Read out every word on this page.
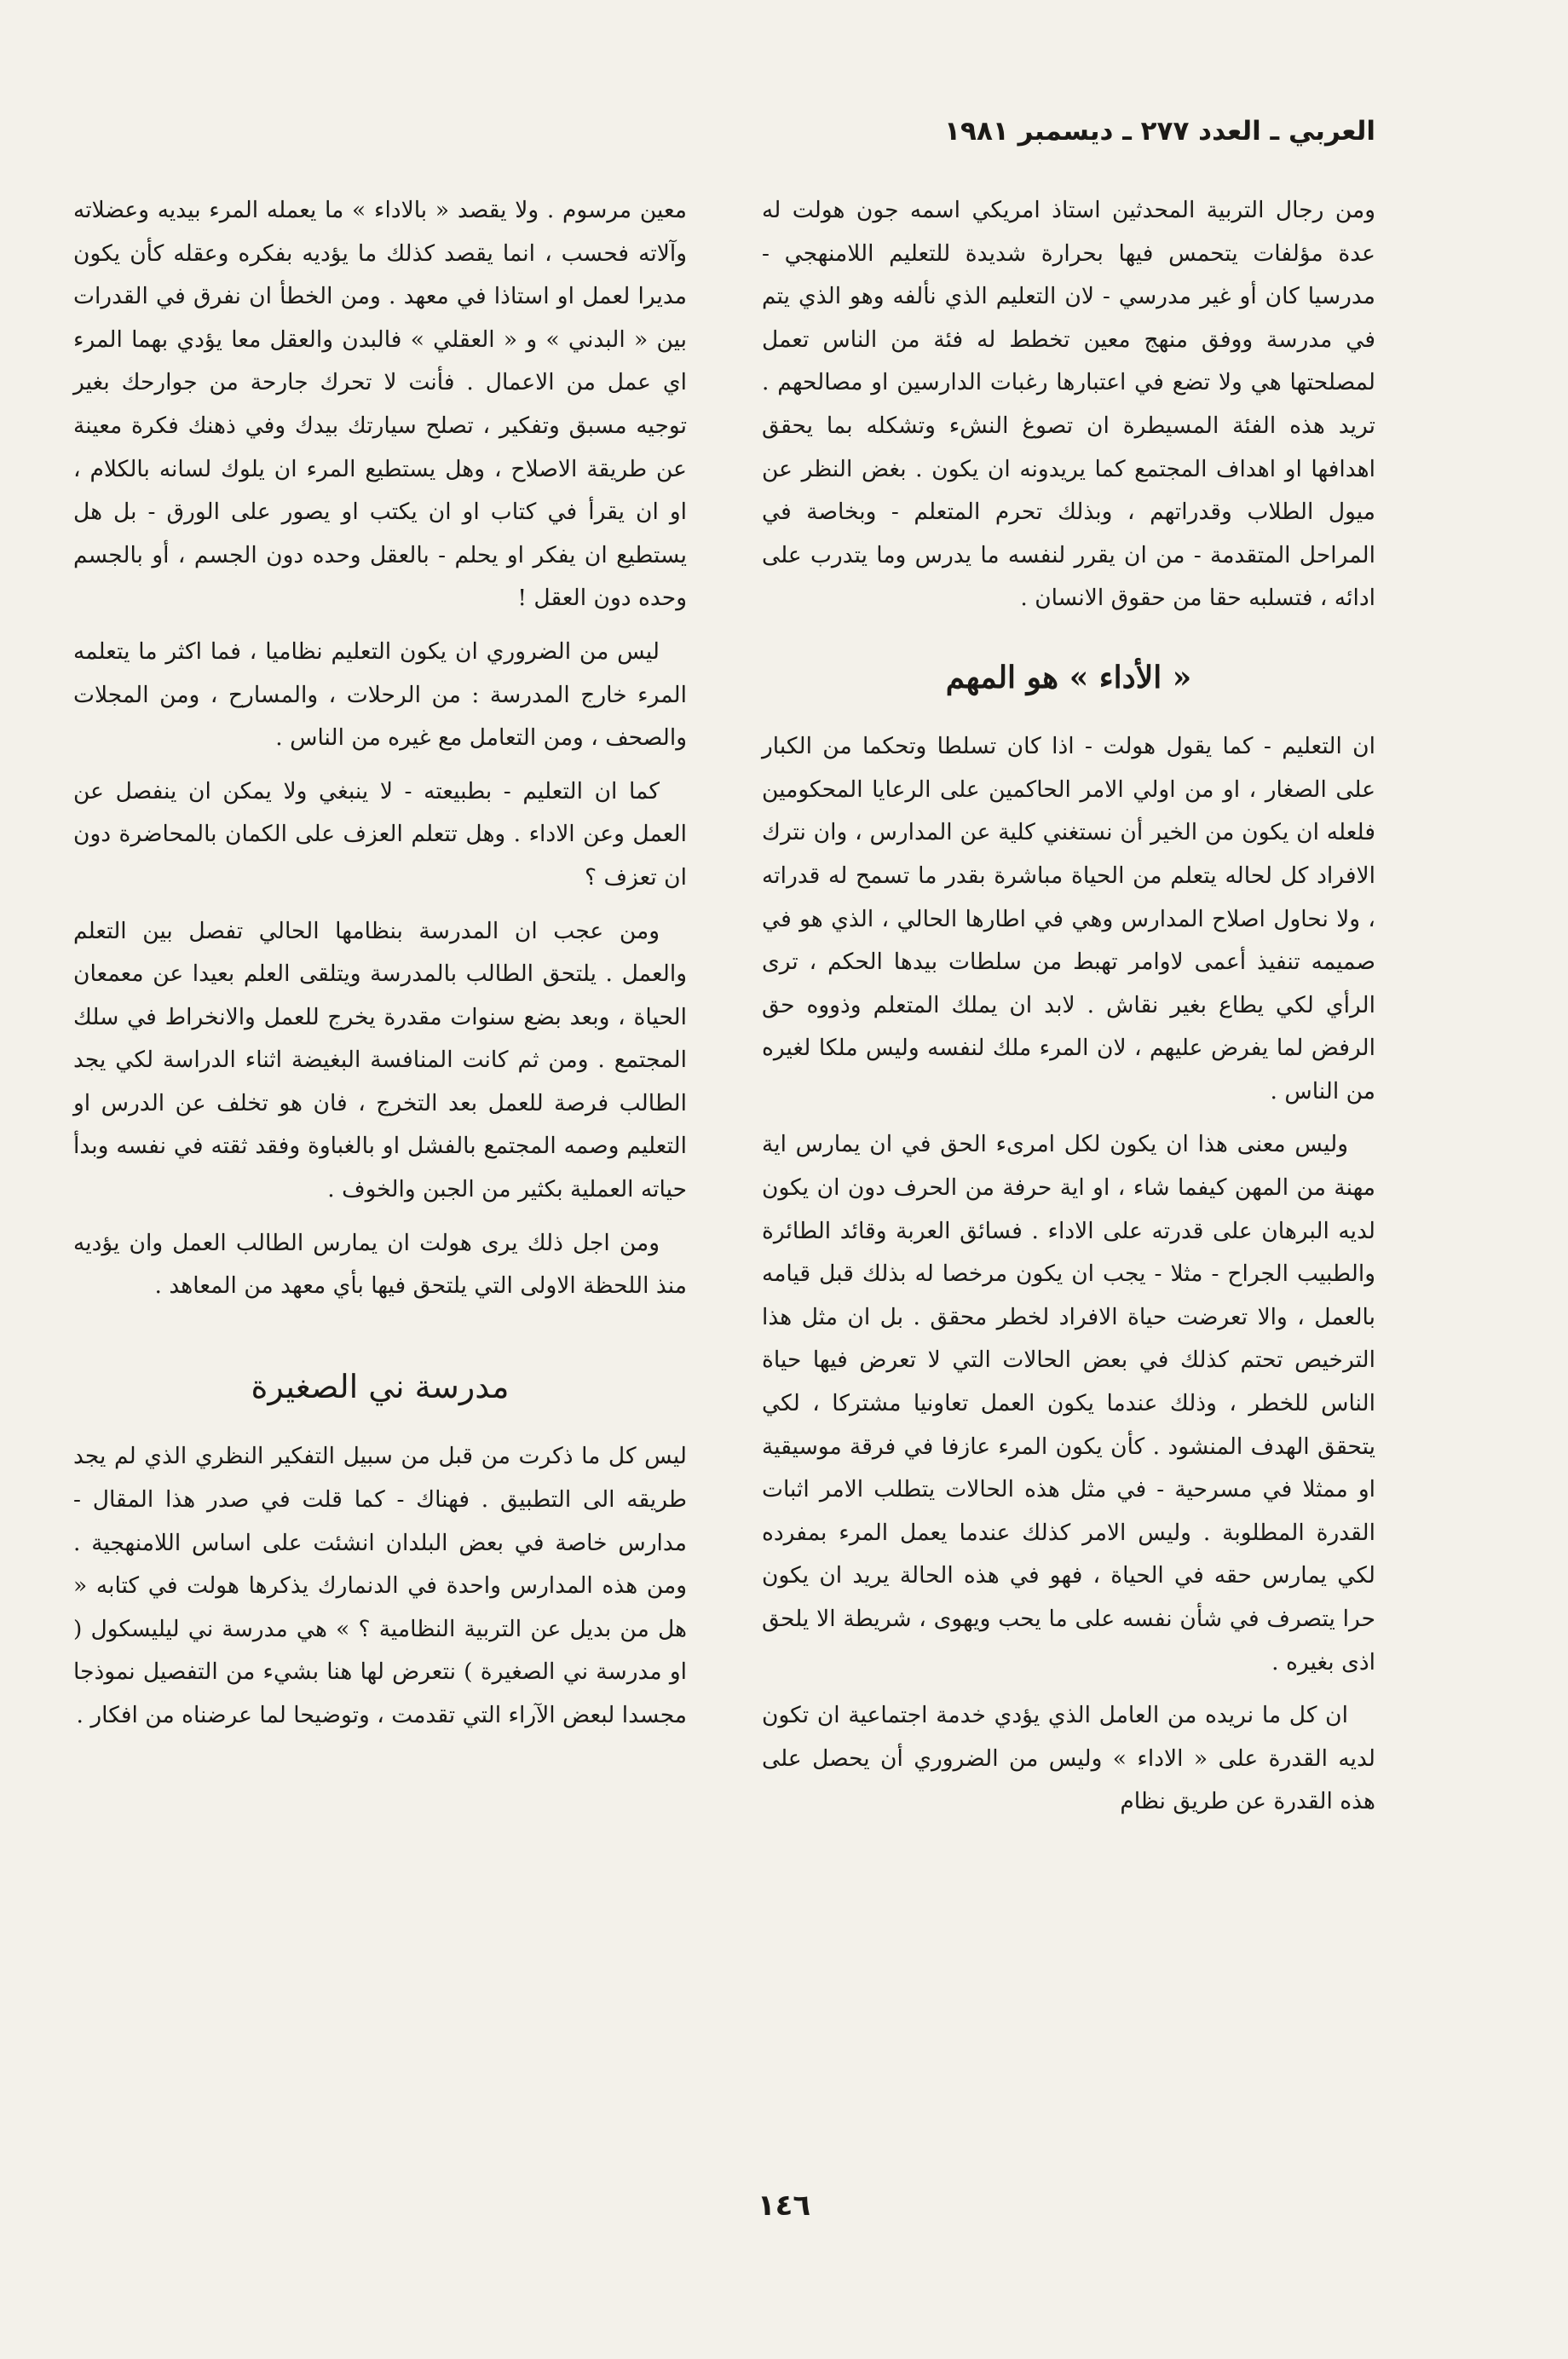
العربي ـ العدد ٢٧٧ ـ ديسمبر ١٩٨١

ومن رجال التربية المحدثين استاذ امريكي اسمه جون هولت له عدة مؤلفات يتحمس فيها بحرارة شديدة للتعليم اللامنهجي - مدرسيا كان أو غير مدرسي - لان التعليم الذي نألفه وهو الذي يتم في مدرسة ووفق منهج معين تخطط له فئة من الناس تعمل لمصلحتها هي ولا تضع في اعتبارها رغبات الدارسين او مصالحهم . تريد هذه الفئة المسيطرة ان تصوغ النشء وتشكله بما يحقق اهدافها او اهداف المجتمع كما يريدونه ان يكون . بغض النظر عن ميول الطلاب وقدراتهم ، وبذلك تحرم المتعلم - وبخاصة في المراحل المتقدمة - من ان يقرر لنفسه ما يدرس وما يتدرب على ادائه ، فتسلبه حقا من حقوق الانسان .

« الأداء » هو المهم

ان التعليم - كما يقول هولت - اذا كان تسلطا وتحكما من الكبار على الصغار ، او من اولي الامر الحاكمين على الرعايا المحكومين فلعله ان يكون من الخير أن نستغني كلية عن المدارس ، وان نترك الافراد كل لحاله يتعلم من الحياة مباشرة بقدر ما تسمح له قدراته ، ولا نحاول اصلاح المدارس وهي في اطارها الحالي ، الذي هو في صميمه تنفيذ أعمى لاوامر تهبط من سلطات بيدها الحكم ، ترى الرأي لكي يطاع بغير نقاش . لابد ان يملك المتعلم وذووه حق الرفض لما يفرض عليهم ، لان المرء ملك لنفسه وليس ملكا لغيره من الناس .

وليس معنى هذا ان يكون لكل امرىء الحق في ان يمارس اية مهنة من المهن كيفما شاء ، او اية حرفة من الحرف دون ان يكون لديه البرهان على قدرته على الاداء . فسائق العربة وقائد الطائرة والطبيب الجراح - مثلا - يجب ان يكون مرخصا له بذلك قبل قيامه بالعمل ، والا تعرضت حياة الافراد لخطر محقق . بل ان مثل هذا الترخيص تحتم كذلك في بعض الحالات التي لا تعرض فيها حياة الناس للخطر ، وذلك عندما يكون العمل تعاونيا مشتركا ، لكي يتحقق الهدف المنشود . كأن يكون المرء عازفا في فرقة موسيقية او ممثلا في مسرحية - في مثل هذه الحالات يتطلب الامر اثبات القدرة المطلوبة . وليس الامر كذلك عندما يعمل المرء بمفرده لكي يمارس حقه في الحياة ، فهو في هذه الحالة يريد ان يكون حرا يتصرف في شأن نفسه على ما يحب ويهوى ، شريطة الا يلحق اذى بغيره .

ان كل ما نريده من العامل الذي يؤدي خدمة اجتماعية ان تكون لديه القدرة على « الاداء » وليس من الضروري أن يحصل على هذه القدرة عن طريق نظام

معين مرسوم . ولا يقصد « بالاداء » ما يعمله المرء بيديه وعضلاته وآلاته فحسب ، انما يقصد كذلك ما يؤديه بفكره وعقله كأن يكون مديرا لعمل او استاذا في معهد . ومن الخطأ ان نفرق في القدرات بين « البدني » و « العقلي » فالبدن والعقل معا يؤدي بهما المرء اي عمل من الاعمال . فأنت لا تحرك جارحة من جوارحك بغير توجيه مسبق وتفكير ، تصلح سيارتك بيدك وفي ذهنك فكرة معينة عن طريقة الاصلاح ، وهل يستطيع المرء ان يلوك لسانه بالكلام ، او ان يقرأ في كتاب او ان يكتب او يصور على الورق - بل هل يستطيع ان يفكر او يحلم - بالعقل وحده دون الجسم ، أو بالجسم وحده دون العقل !

ليس من الضروري ان يكون التعليم نظاميا ، فما اكثر ما يتعلمه المرء خارج المدرسة : من الرحلات ، والمسارح ، ومن المجلات والصحف ، ومن التعامل مع غيره من الناس .

كما ان التعليم - بطبيعته - لا ينبغي ولا يمكن ان ينفصل عن العمل وعن الاداء . وهل تتعلم العزف على الكمان بالمحاضرة دون ان تعزف ؟

ومن عجب ان المدرسة بنظامها الحالي تفصل بين التعلم والعمل . يلتحق الطالب بالمدرسة ويتلقى العلم بعيدا عن معمعان الحياة ، وبعد بضع سنوات مقدرة يخرج للعمل والانخراط في سلك المجتمع . ومن ثم كانت المنافسة البغيضة اثناء الدراسة لكي يجد الطالب فرصة للعمل بعد التخرج ، فان هو تخلف عن الدرس او التعليم وصمه المجتمع بالفشل او بالغباوة وفقد ثقته في نفسه وبدأ حياته العملية بكثير من الجبن والخوف .

ومن اجل ذلك يرى هولت ان يمارس الطالب العمل وان يؤديه منذ اللحظة الاولى التي يلتحق فيها بأي معهد من المعاهد .

مدرسة ني الصغيرة

ليس كل ما ذكرت من قبل من سبيل التفكير النظري الذي لم يجد طريقه الى التطبيق . فهناك - كما قلت في صدر هذا المقال - مدارس خاصة في بعض البلدان انشئت على اساس اللامنهجية . ومن هذه المدارس واحدة في الدنمارك يذكرها هولت في كتابه « هل من بديل عن التربية النظامية ؟ » هي مدرسة ني ليليسكول ( او مدرسة ني الصغيرة ) نتعرض لها هنا بشيء من التفصيل نموذجا مجسدا لبعض الآراء التي تقدمت ، وتوضيحا لما عرضناه من افكار .

١٤٦
